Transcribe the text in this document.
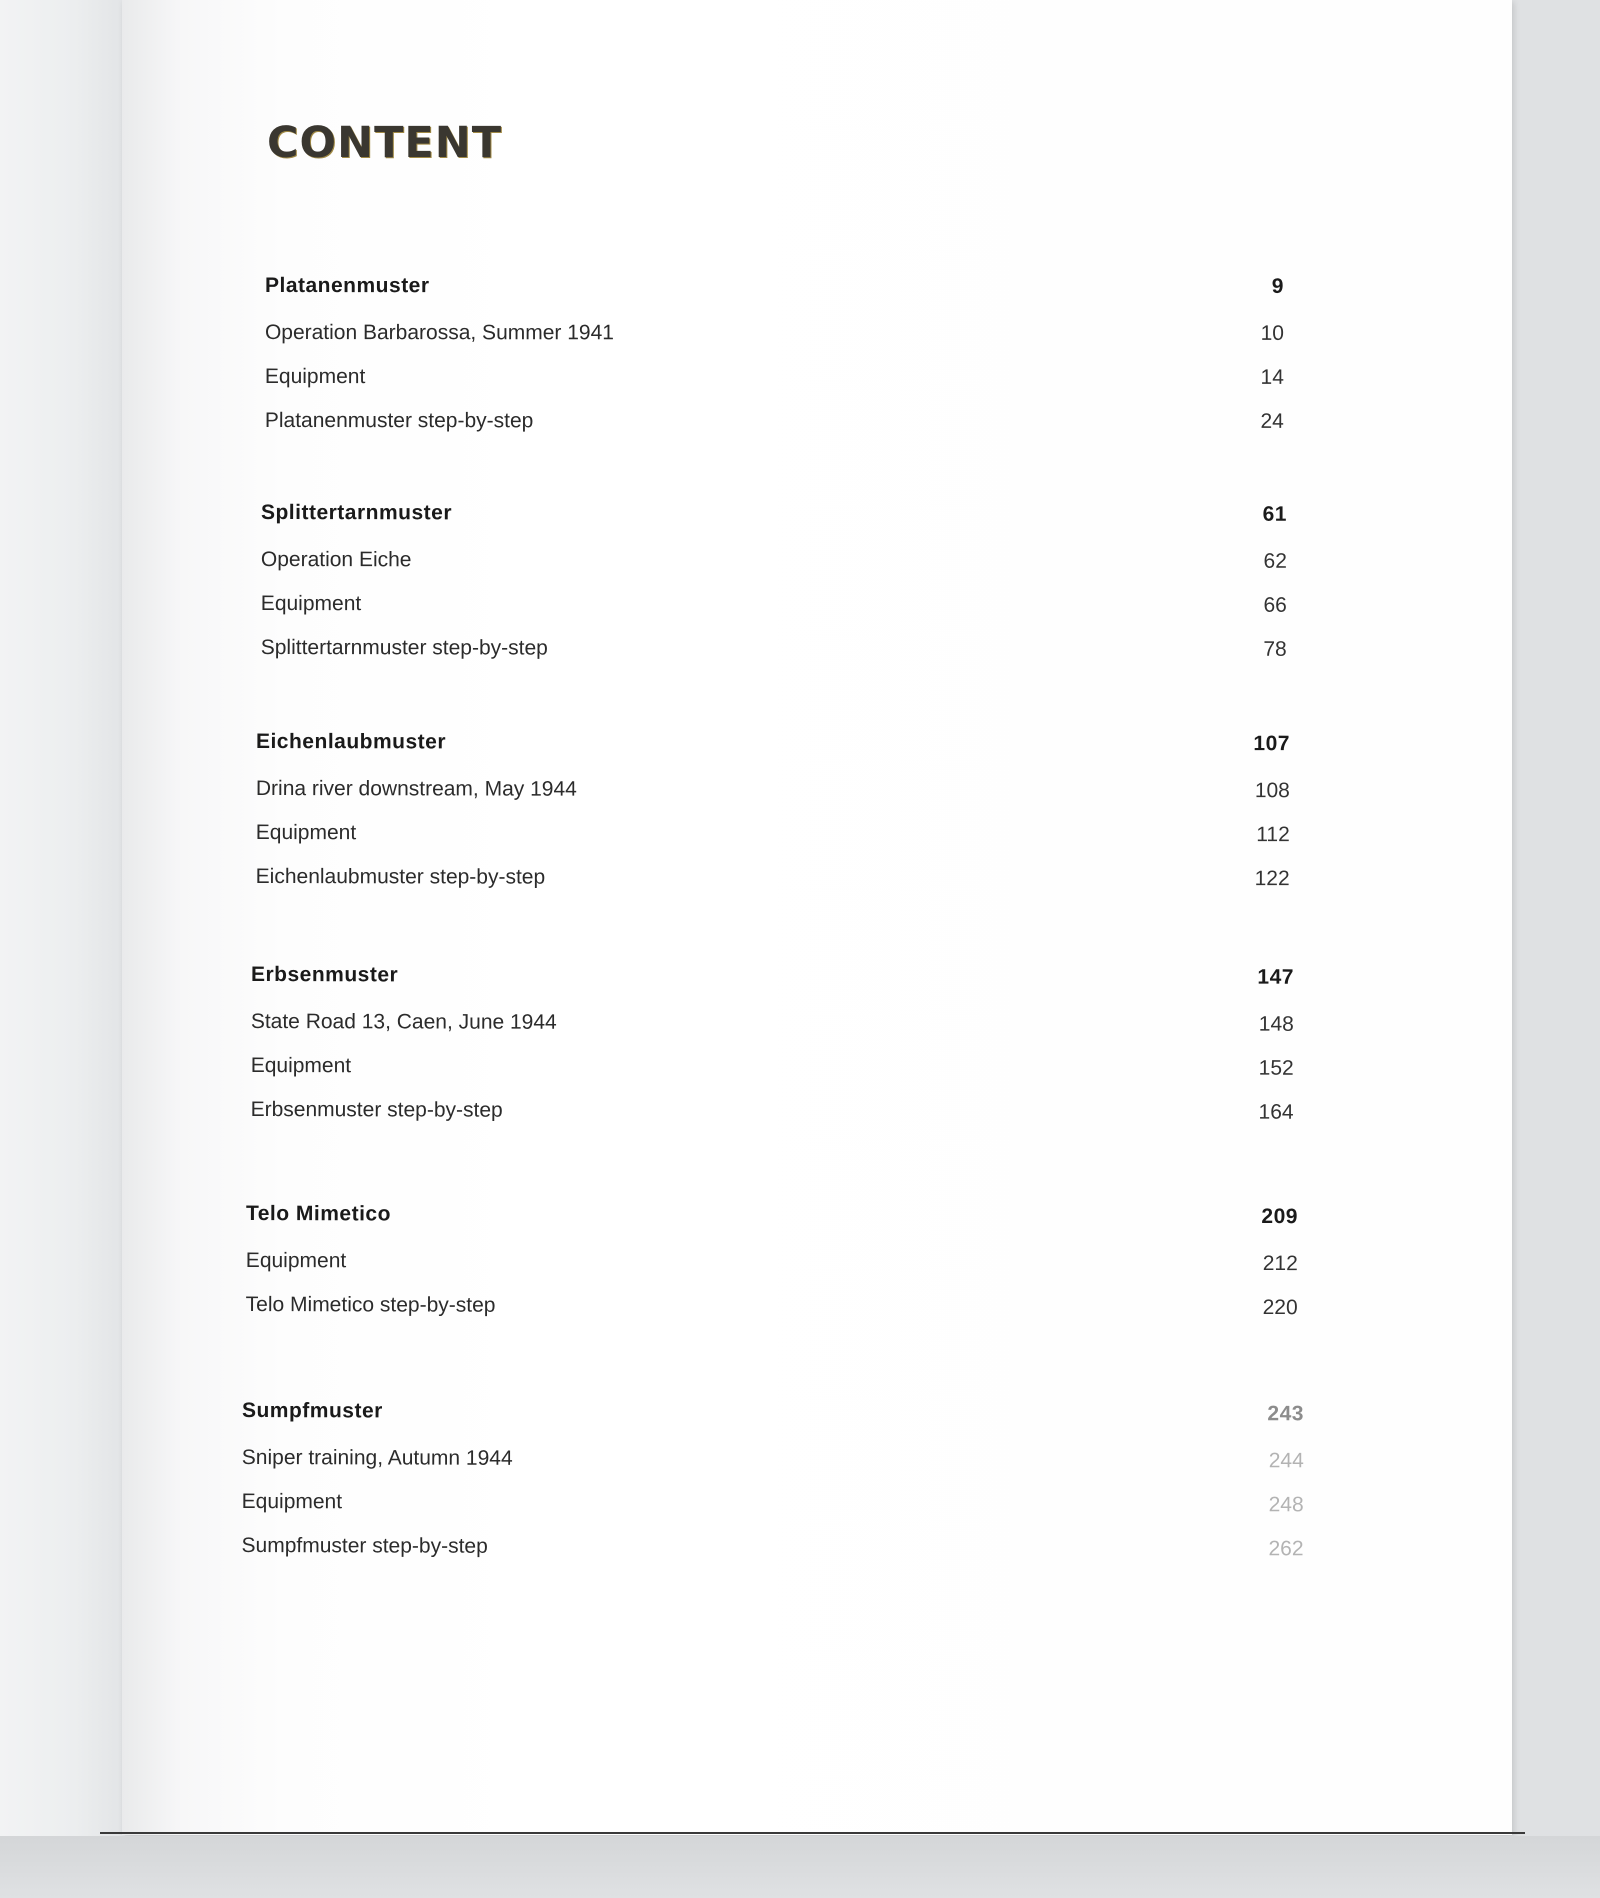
CONTENT
Platanenmuster	9
Operation Barbarossa, Summer 1941	10
Equipment	14
Platanenmuster step-by-step	24
Splittertarnmuster	61
Operation Eiche	62
Equipment	66
Splittertarnmuster step-by-step	78
Eichenlaubmuster	107
Drina river downstream, May 1944	108
Equipment	112
Eichenlaubmuster step-by-step	122
Erbsenmuster	147
State Road 13, Caen, June 1944	148
Equipment	152
Erbsenmuster step-by-step	164
Telo Mimetico	209
Equipment	212
Telo Mimetico step-by-step	220
Sumpfmuster	243
Sniper training, Autumn 1944	244
Equipment	248
Sumpfmuster step-by-step	262
